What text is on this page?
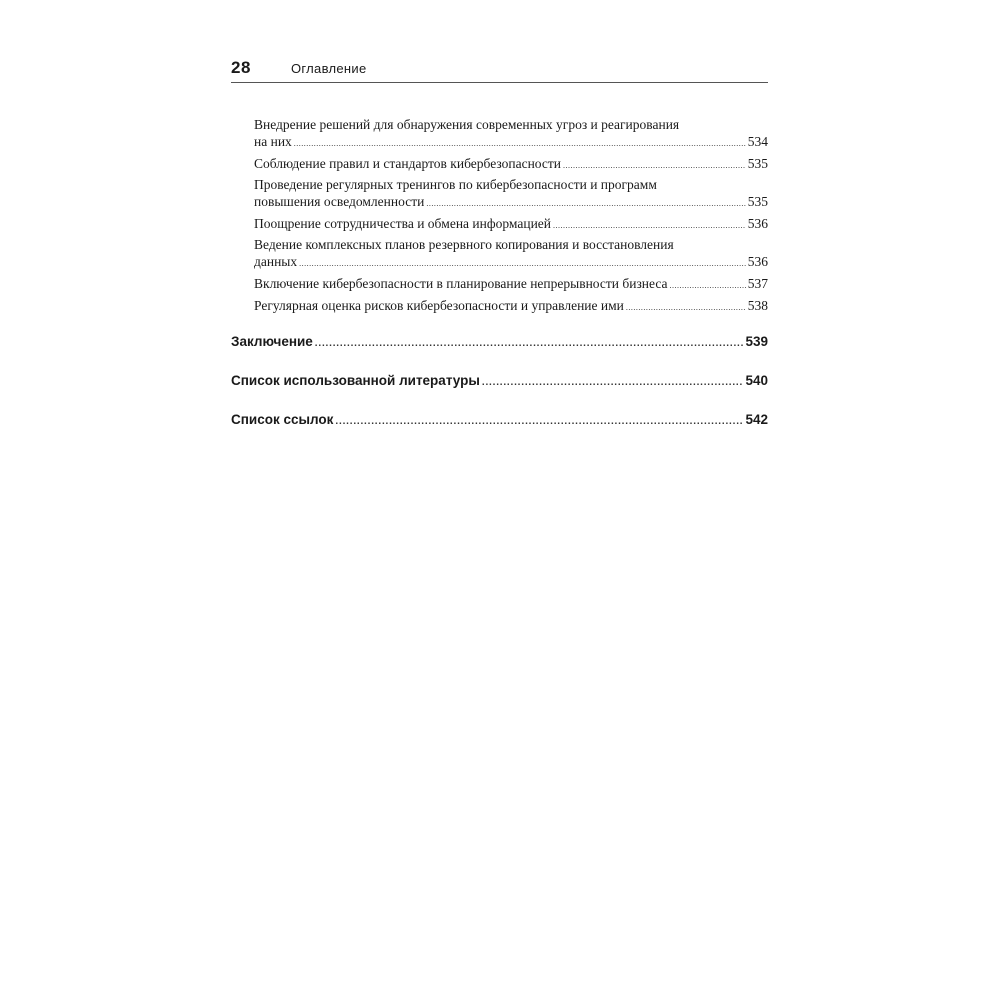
28	Оглавление
Внедрение решений для обнаружения современных угроз и реагирования
на них .....	534
Соблюдение правил и стандартов кибербезопасности .....	535
Проведение регулярных тренингов по кибербезопасности и программ
повышения осведомленности .....	535
Поощрение сотрудничества и обмена информацией .....	536
Ведение комплексных планов резервного копирования и восстановления
данных .....	536
Включение кибербезопасности в планирование непрерывности бизнеса .....	537
Регулярная оценка рисков кибербезопасности и управление ими .....	538
Заключение .....	539
Список использованной литературы .....	540
Список ссылок .....	542
